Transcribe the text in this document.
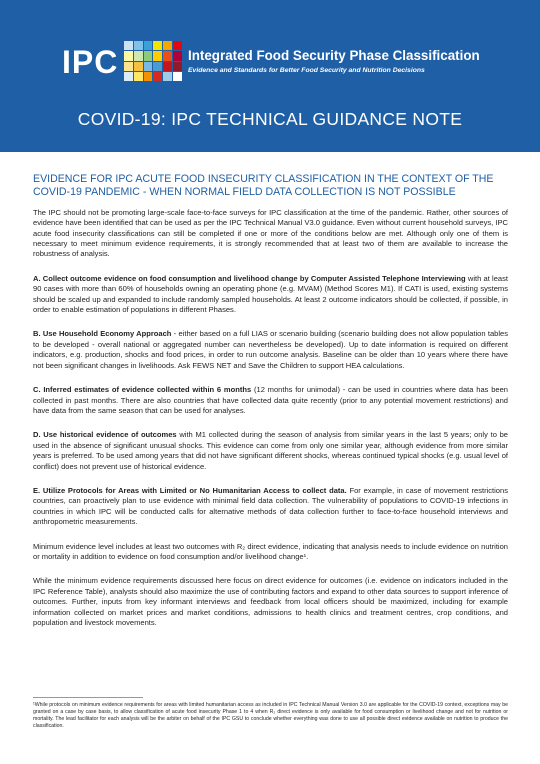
IPC	Integrated Food Security Phase Classification
Evidence and Standards for Better Food Security and Nutrition Decisions
COVID-19: IPC TECHNICAL GUIDANCE NOTE
EVIDENCE FOR IPC ACUTE FOOD INSECURITY CLASSIFICATION IN THE CONTEXT OF THE COVID-19 PANDEMIC - WHEN NORMAL FIELD DATA COLLECTION IS NOT POSSIBLE

The IPC should not be promoting large-scale face-to-face surveys for IPC classification at the time of the pandemic. Rather, other sources of evidence have been identified that can be used as per the IPC Technical Manual V3.0 guidance. Even without current household surveys, IPC acute food insecurity classifications can still be completed if one or more of the conditions below are met. Although only one of them is necessary to meet minimum evidence requirements, it is strongly recommended that at least two of them are available to increase the robustness of analysis.

A. Collect outcome evidence on food consumption and livelihood change by Computer Assisted Telephone Interviewing with at least 90 cases with more than 60% of households owning an operating phone (e.g. MVAM) (Method Scores M1). If CATI is used, existing systems should be scaled up and expanded to include randomly sampled households. At least 2 outcome indicators should be collected, if possible, in order to enable estimation of populations in different Phases.

B. Use Household Economy Approach - either based on a full LIAS or scenario building (scenario building does not allow population tables to be developed - overall national or aggregated number can nevertheless be developed). Up to date information is required on different indicators, e.g. production, shocks and food prices, in order to run outcome analysis. Baseline can be older than 10 years where there have not been significant changes in livelihoods. Ask FEWS NET and Save the Children to support HEA calculations.

C. Inferred estimates of evidence collected within 6 months (12 months for unimodal) - can be used in countries where data has been collected in past months. There are also countries that have collected data quite recently (prior to any potential movement restrictions) and have data from the same season that can be used for analyses.

D. Use historical evidence of outcomes with M1 collected during the season of analysis from similar years in the last 5 years; only to be used in the absence of significant unusual shocks. This evidence can come from only one similar year, although evidence from more similar years is preferred. To be used among years that did not have significant different shocks, whereas continued typical shocks (e.g. usual level of conflict) does not prevent use of historical evidence.

E. Utilize Protocols for Areas with Limited or No Humanitarian Access to collect data. For example, in case of movement restrictions countries, can proactively plan to use evidence with minimal field data collection. The vulnerability of populations to COVID-19 infections in countries in which IPC will be conducted calls for alternative methods of data collection further to face-to-face household interviews and anthropometric measurements.

Minimum evidence level includes at least two outcomes with R₂ direct evidence, indicating that analysis needs to include evidence on nutrition or mortality in addition to evidence on food consumption and/or livelihood change¹.

While the minimum evidence requirements discussed here focus on direct evidence for outcomes (i.e. evidence on indicators included in the IPC Reference Table), analysts should also maximize the use of contributing factors and expand to other data sources to support inference of outcomes. Further, inputs from key informant interviews and feedback from local officers should be maximized, including for example information collected on market prices and market conditions, admissions to health clinics and treatment centres, crop conditions, and population and livestock movements.

¹While protocols on minimum evidence requirements for areas with limited humanitarian access as included in IPC Technical Manual Version 3.0 are applicable for the COVID-19 context, exceptions may be granted on a case by case basis, to allow classification of acute food insecurity Phase 1 to 4 when R₂ direct evidence is only available for food consumption or livelihood change and not for nutrition or mortality. The lead facilitator for each analysis will be the arbiter on behalf of the IPC GSU to conclude whether everything was done to use all possible direct evidence available on nutrition to produce the classification.
